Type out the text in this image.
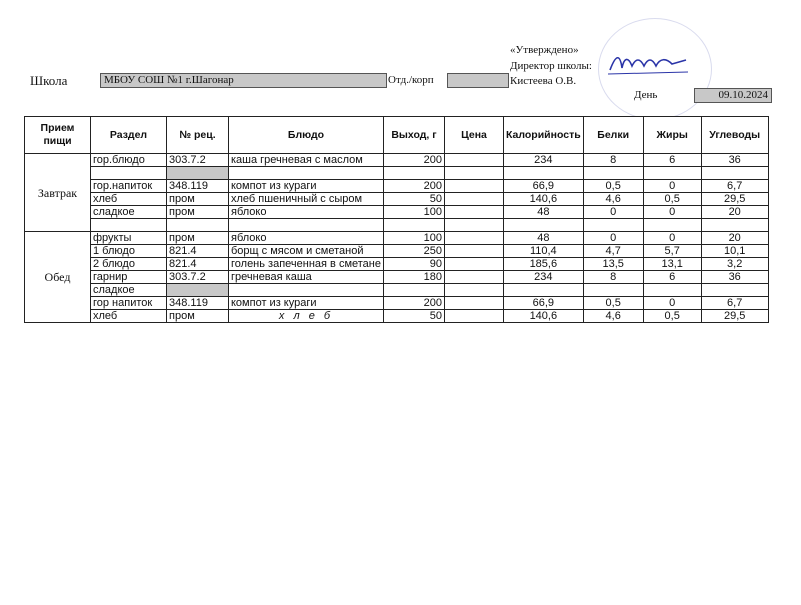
«Утверждено»
Директор школы:
Школа	МБОУ СОШ №1 г.Шагонар	Отд./корп	Кистеева О.В.
День	09.10.2024
Прием пищи	Раздел	№ рец.	Блюдо	Выход, г	Цена	Калорийность	Белки	Жиры	Углеводы
Завтрак	гор.блюдо	303.7.2	каша гречневая с маслом	200		234	8	6	36

	гор.напиток	348.119	компот из кураги	200		66,9	0,5	0	6,7
	хлеб	пром	хлеб пшеничный с сыром	50		140,6	4,6	0,5	29,5
	сладкое	пром	яблоко	100		48	0	0	20

Обед	фрукты	пром	яблоко	100		48	0	0	20
	1 блюдо	821.4	борщ с мясом и сметаной	250		110,4	4,7	5,7	10,1
	2 блюдо	821.4	голень запеченная в сметане	90		185,6	13,5	13,1	3,2
	гарнир	303.7.2	гречневая каша	180		234	8	6	36
	сладкое								
	гор напиток	348.119	компот из кураги	200		66,9	0,5	0	6,7
	хлеб	пром	х л е б	50		140,6	4,6	0,5	29,5
